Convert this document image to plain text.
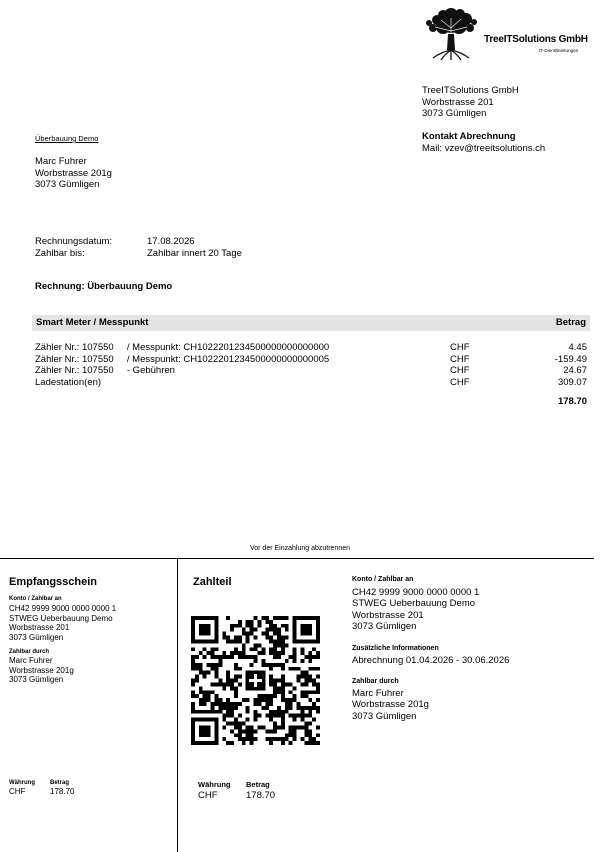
TreeITSolutions GmbH
IT-Dienstleistungen
TreeITSolutions GmbH
Worbstrasse 201
3073 Gümligen
Kontakt Abrechnung
Mail: vzev@treeitsolutions.ch
Überbauung Demo
Marc Fuhrer
Worbstrasse 201g
3073 Gümligen
Rechnungsdatum:	17.08.2026
Zahlbar bis:	Zahlbar innert 20 Tage
Rechnung: Überbauung Demo
Smart Meter / Messpunkt	Betrag
Zähler Nr.: 107550     / Messpunkt: CH1022201234500000000000000	CHF	4.45
Zähler Nr.: 107550     / Messpunkt: CH1022201234500000000000005	CHF	-159.49
Zähler Nr.: 107550     - Gebühren	CHF	24.67
Ladestation(en)	CHF	309.07
178.70
Vor der Einzahlung abzutrennen
Empfangsschein
Konto / Zahlbar an
CH42 9999 9000 0000 0000 1
STWEG Ueberbauung Demo
Worbstrasse 201
3073 Gümligen
Zahlbar durch
Marc Fuhrer
Worbstrasse 201g
3073 Gümligen
Währung
CHF
Betrag
178.70
Zahlteil	Konto / Zahlbar an
CH42 9999 9000 0000 0000 1
STWEG Ueberbauung Demo
Worbstrasse 201
3073 Gümligen
Zusätzliche Informationen
Abrechnung 01.04.2026 - 30.06.2026
Zahlbar durch
Marc Fuhrer
Worbstrasse 201g
3073 Gümligen
Währung
CHF
Betrag
178.70
